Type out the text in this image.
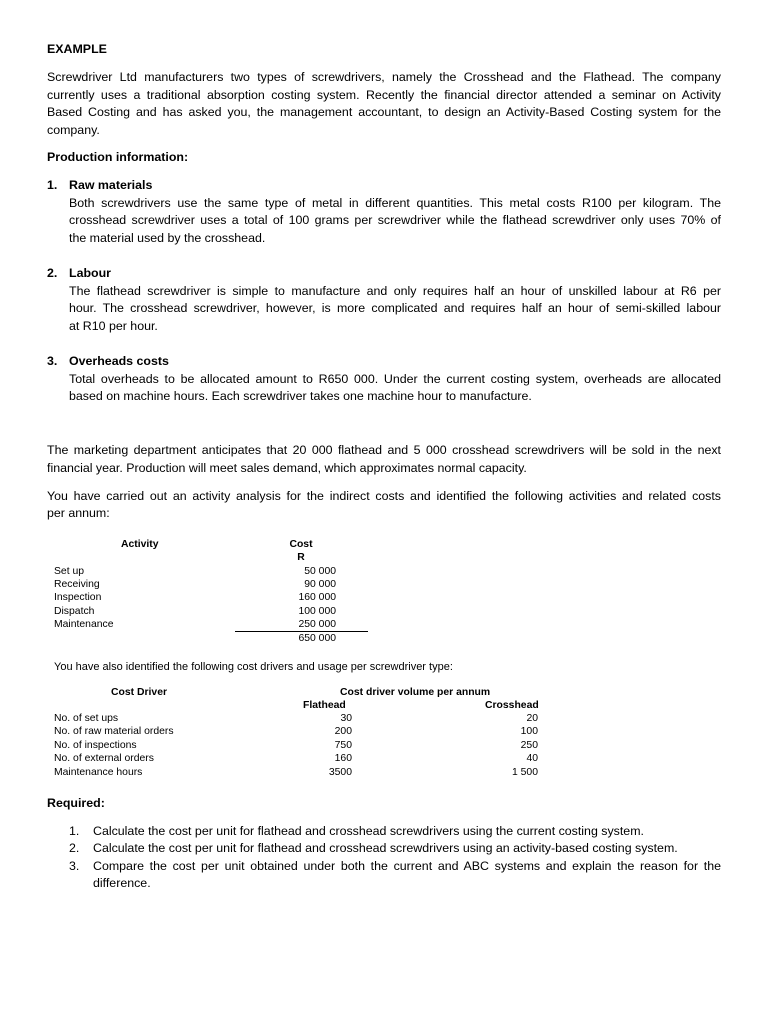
EXAMPLE
Screwdriver Ltd manufacturers two types of screwdrivers, namely the Crosshead and the Flathead. The company
currently uses a traditional absorption costing system. Recently the financial director attended a seminar on Activity
Based Costing and has asked you, the management accountant, to design an Activity-Based Costing system for the
company.
Production information:
1. Raw materials
Both screwdrivers use the same type of metal in different quantities. This metal costs R100 per kilogram. The
crosshead screwdriver uses a total of 100 grams per screwdriver while the flathead screwdriver only uses 70% of
the material used by the crosshead.
2. Labour
The flathead screwdriver is simple to manufacture and only requires half an hour of unskilled labour at R6 per
hour. The crosshead screwdriver, however, is more complicated and requires half an hour of semi-skilled labour
at R10 per hour.
3. Overheads costs
Total overheads to be allocated amount to R650 000. Under the current costing system, overheads are allocated
based on machine hours. Each screwdriver takes one machine hour to manufacture.
The marketing department anticipates that 20 000 flathead and 5 000 crosshead screwdrivers will be sold in the next
financial year. Production will meet sales demand, which approximates normal capacity.
You have carried out an activity analysis for the indirect costs and identified the following activities and related costs
per annum:
Activity	Cost
R
Set up	50 000
Receiving	90 000
Inspection	160 000
Dispatch	100 000
Maintenance	250 000
650 000
You have also identified the following cost drivers and usage per screwdriver type:
Cost Driver	Cost driver volume per annum
Flathead	Crosshead
No. of set ups	30	20
No. of raw material orders	200	100
No. of inspections	750	250
No. of external orders	160	40
Maintenance hours	3500	1 500
Required:
1. Calculate the cost per unit for flathead and crosshead screwdrivers using the current costing system.
2. Calculate the cost per unit for flathead and crosshead screwdrivers using an activity-based costing system.
3. Compare the cost per unit obtained under both the current and ABC systems and explain the reason for the
difference.
